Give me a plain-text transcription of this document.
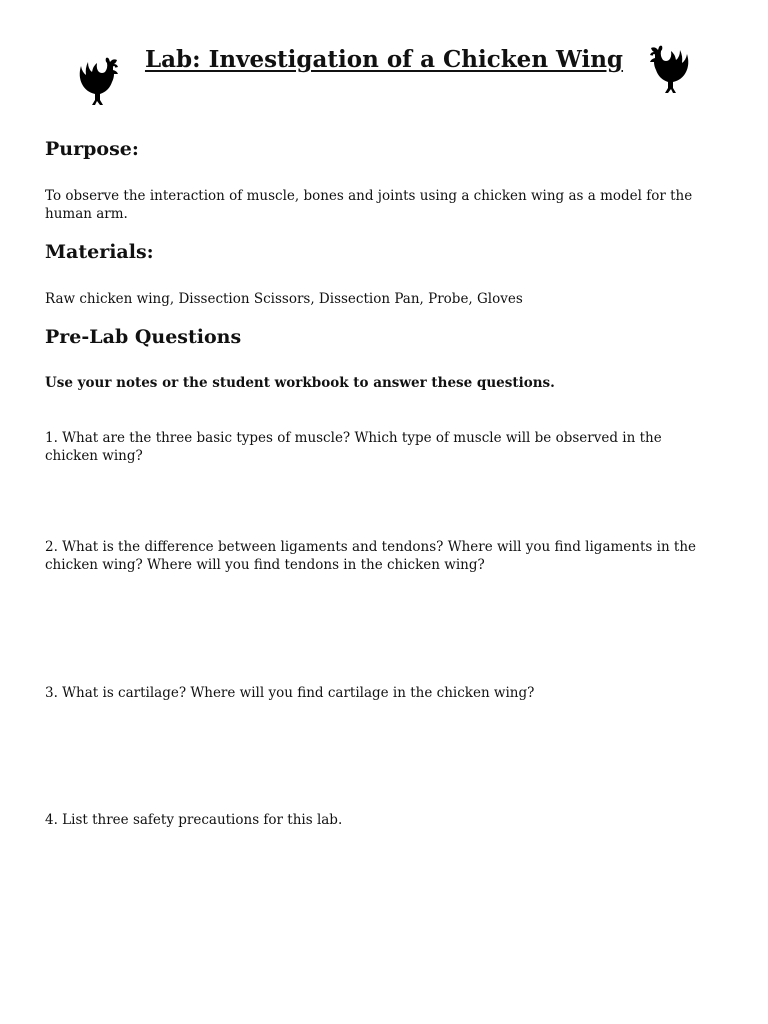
Lab: Investigation of a Chicken Wing
Purpose:
To observe the interaction of muscle, bones and joints using a chicken wing as a model for the human arm.
Materials:
Raw chicken wing, Dissection Scissors, Dissection Pan, Probe, Gloves
Pre-Lab Questions
Use your notes or the student workbook to answer these questions.
1. What are the three basic types of muscle? Which type of muscle will be observed in the chicken wing?
2. What is the difference between ligaments and tendons? Where will you find ligaments in the chicken wing? Where will you find tendons in the chicken wing?
3. What is cartilage? Where will you find cartilage in the chicken wing?
4. List three safety precautions for this lab.
